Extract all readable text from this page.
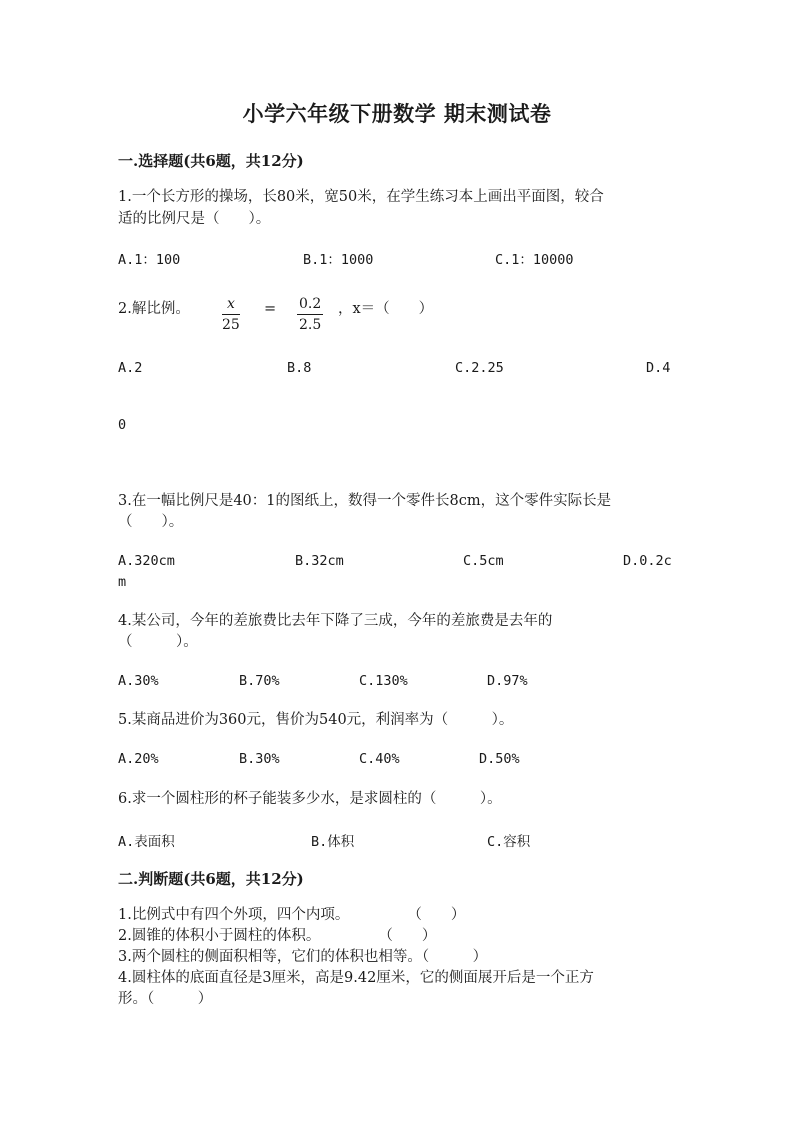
小学六年级下册数学 期末测试卷
一.选择题(共6题，共12分)
1.一个长方形的操场，长80米，宽50米，在学生练习本上画出平面图，较合
适的比例尺是（　　）。
A.1：100	B.1：1000	C.1：10000
2.解比例。 $\frac{x}{25} = \frac{0.2}{2.5}$ ，x＝（　　）
A.2	B.8	C.2.25	D.4
0
3.在一幅比例尺是40：1的图纸上，数得一个零件长8cm，这个零件实际长是
（　　）。
A.320cm	B.32cm	C.5cm	D.0.2c
m
4.某公司，今年的差旅费比去年下降了三成，今年的差旅费是去年的
（　　　）。
A.30%	B.70%	C.130%	D.97%
5.某商品进价为360元，售价为540元，利润率为（　　　）。
A.20%	B.30%	C.40%	D.50%
6.求一个圆柱形的杯子能装多少水，是求圆柱的（　　　）。
A.表面积	B.体积	C.容积
二.判断题(共6题，共12分)
1.比例式中有四个外项，四个内项。　　　　　（　　）
2.圆锥的体积小于圆柱的体积。　　　　　（　　）
3.两个圆柱的侧面积相等，它们的体积也相等。（　　　）
4.圆柱体的底面直径是3厘米，高是9.42厘米，它的侧面展开后是一个正方
形。（　　　）
